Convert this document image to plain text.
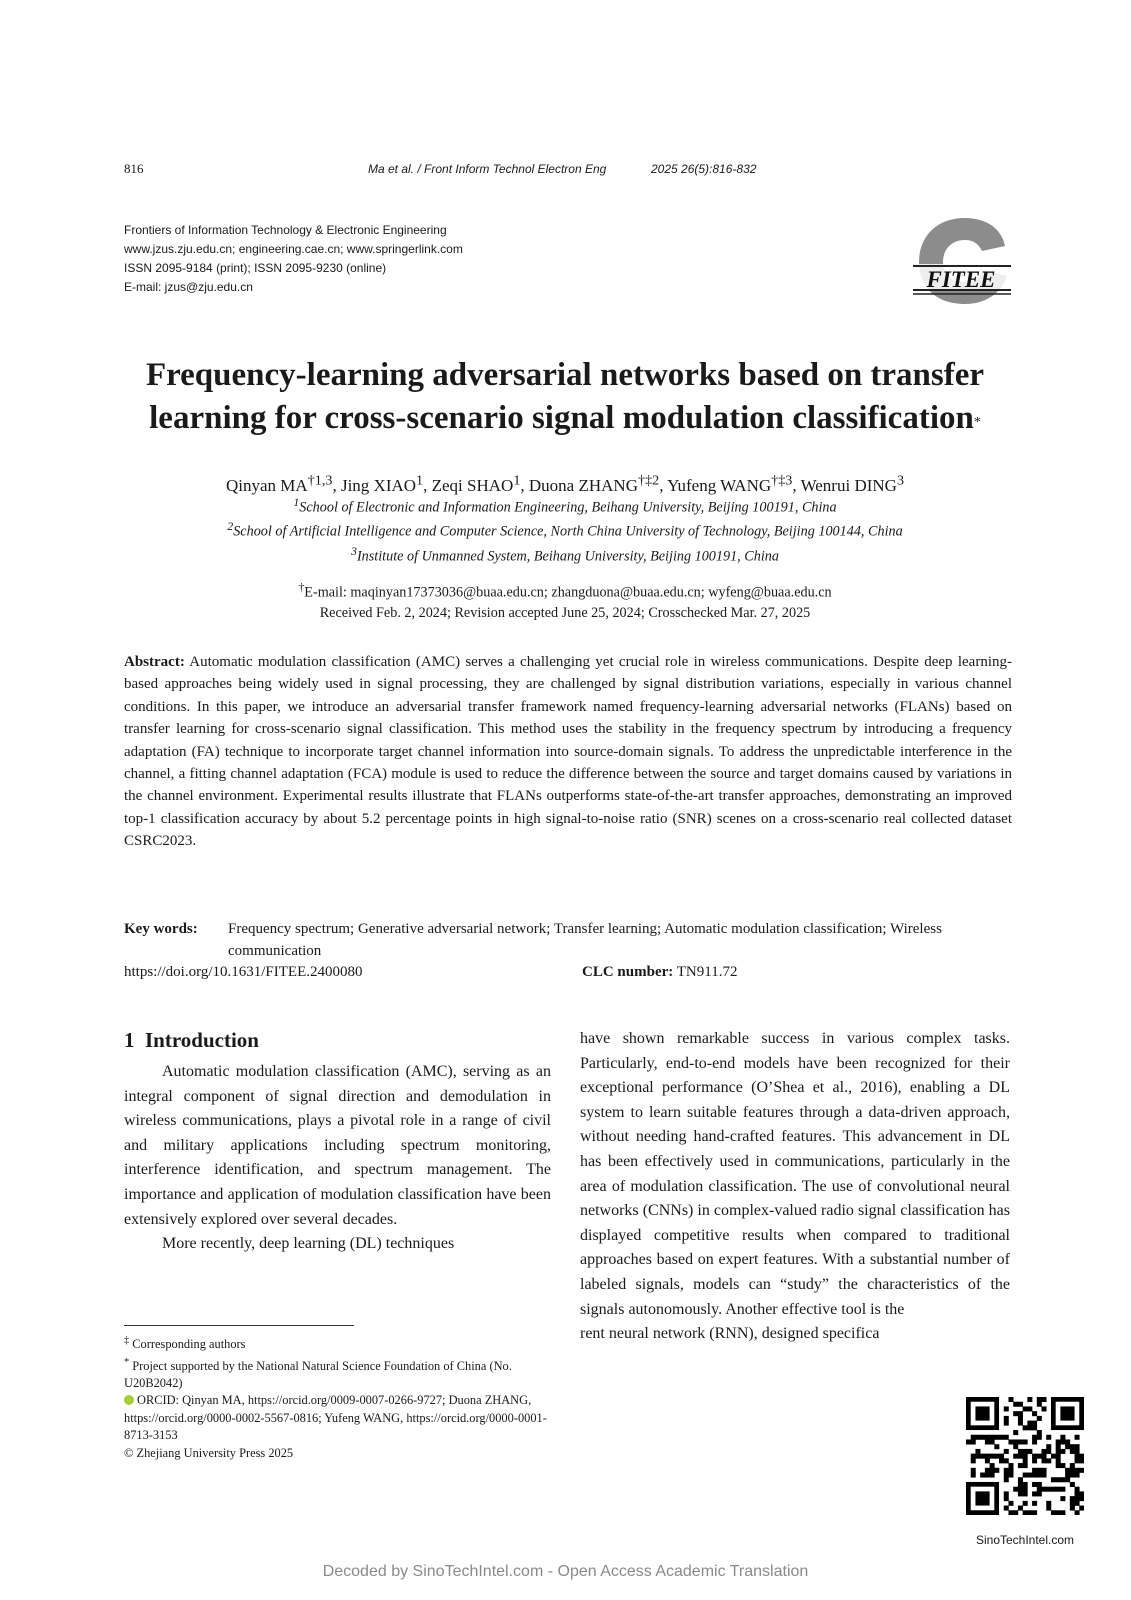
816	Ma et al. / Front Inform Technol Electron Eng	2025 26(5):816-832
Frontiers of Information Technology & Electronic Engineering
www.jzus.zju.edu.cn; engineering.cae.cn; www.springerlink.com
ISSN 2095-9184 (print); ISSN 2095-9230 (online)
E-mail: jzus@zju.edu.cn	FITEE
Frequency-learning adversarial networks based on transfer
learning for cross-scenario signal modulation classification*
Qinyan MA$^{\dagger 1,3}$, Jing XIAO$^1$, Zeqi SHAO$^1$, Duona ZHANG$^{\dagger\ddagger 2}$, Yufeng WANG$^{\dagger\ddagger 3}$, Wenrui DING$^3$
$^1$School of Electronic and Information Engineering, Beihang University, Beijing 100191, China
$^2$School of Artificial Intelligence and Computer Science, North China University of Technology, Beijing 100144, China
$^3$Institute of Unmanned System, Beihang University, Beijing 100191, China
†E-mail: maqinyan17373036@buaa.edu.cn; zhangduona@buaa.edu.cn; wyfeng@buaa.edu.cn
Received Feb. 2, 2024; Revision accepted June 25, 2024; Crosschecked Mar. 27, 2025
Abstract: Automatic modulation classification (AMC) serves a challenging yet crucial role in wireless communications. Despite deep learning-based approaches being widely used in signal processing, they are challenged by signal distribution variations, especially in various channel conditions. In this paper, we introduce an adversarial transfer framework named frequency-learning adversarial networks (FLANs) based on transfer learning for cross-scenario signal classification. This method uses the stability in the frequency spectrum by introducing a frequency adaptation (FA) technique to incorporate target channel information into source-domain signals. To address the unpredictable interference in the channel, a fitting channel adaptation (FCA) module is used to reduce the difference between the source and target domains caused by variations in the channel environment. Experimental results illustrate that FLANs outperforms state-of-the-art transfer approaches, demonstrating an improved top-1 classification accuracy by about 5.2 percentage points in high signal-to-noise ratio (SNR) scenes on a cross-scenario real collected dataset CSRC2023.
Key words: Frequency spectrum; Generative adversarial network; Transfer learning; Automatic modulation classification; Wireless communication
https://doi.org/10.1631/FITEE.2400080	CLC number: TN911.72
1 Introduction

Automatic modulation classification (AMC), serving as an integral component of signal direction and demodulation in wireless communications, plays a pivotal role in a range of civil and military applications including spectrum monitoring, interference identification, and spectrum management. The importance and application of modulation classification have been extensively explored over several decades.

More recently, deep learning (DL) techniques

have shown remarkable success in various complex tasks. Particularly, end-to-end models have been recognized for their exceptional performance (O’Shea et al., 2016), enabling a DL system to learn suitable features through a data-driven approach, without needing hand-crafted features. This advancement in DL has been effectively used in communications, particularly in the area of modulation classification. The use of convolutional neural networks (CNNs) in complex-valued radio signal classification has displayed competitive results when compared to traditional approaches based on expert features. With a substantial number of labeled signals, models can “study” the characteristics of the signals autonomously. Another effective tool is the

rent neural network (RNN), designed specifica

‡ Corresponding authors
* Project supported by the National Natural Science Foundation of China (No. U20B2042)
ORCID: Qinyan MA, https://orcid.org/0009-0007-0266-9727; Duona ZHANG, https://orcid.org/0000-0002-5567-0816; Yufeng WANG, https://orcid.org/0000-0001-8713-3153
© Zhejiang University Press 2025
SinoTechIntel.com
Decoded by SinoTechIntel.com - Open Access Academic Translation
